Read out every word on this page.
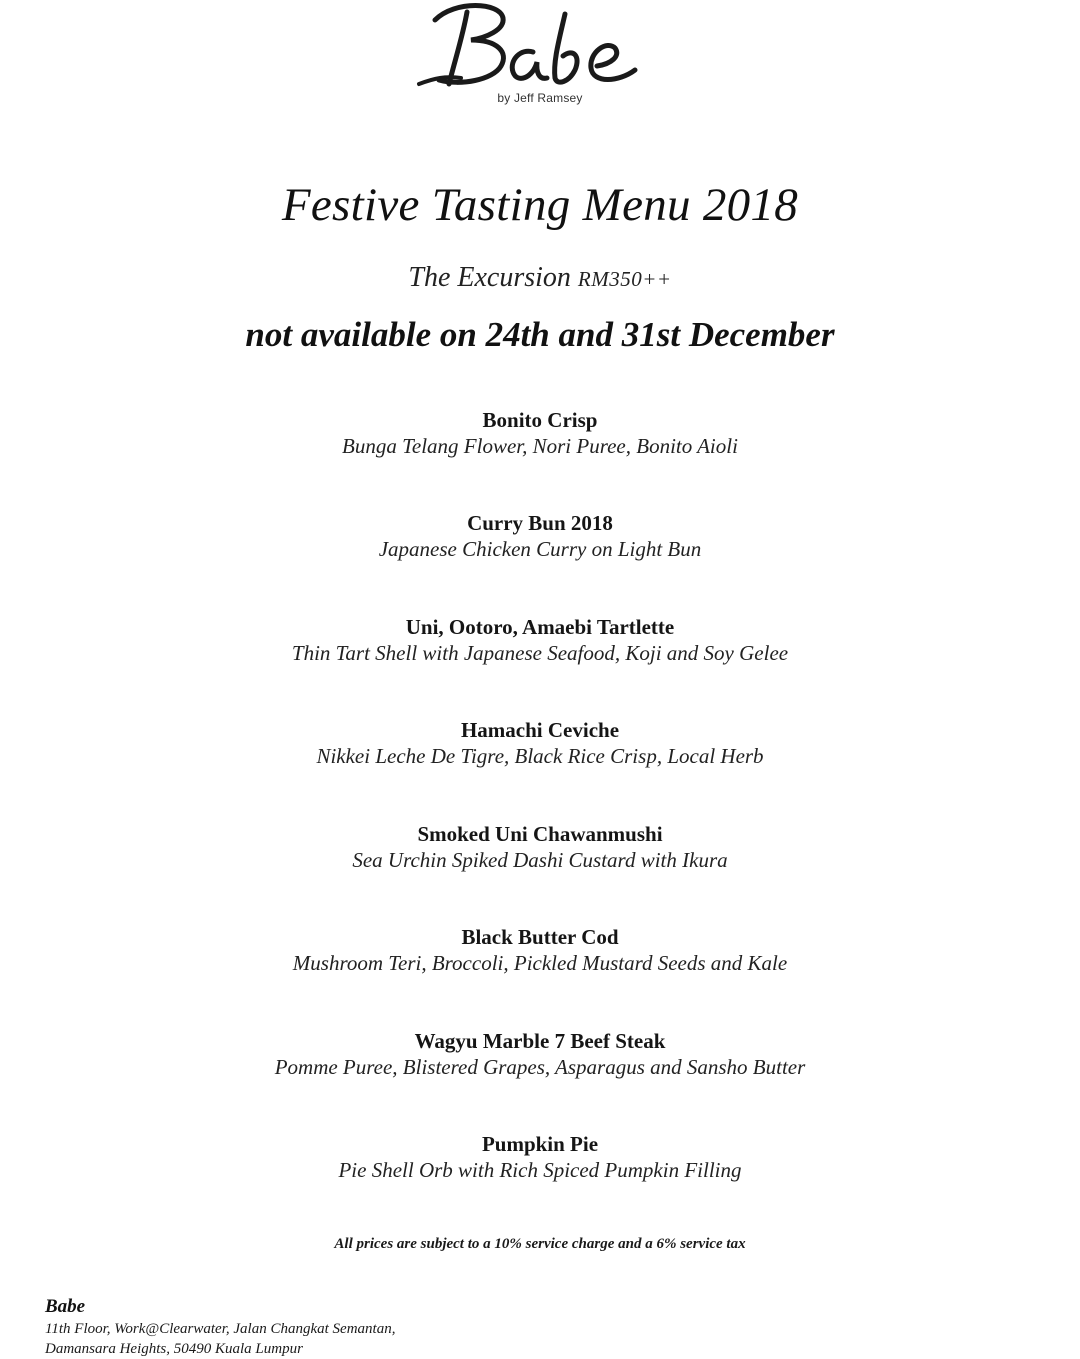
by Jeff Ramsey
Festive Tasting Menu 2018
The Excursion RM350++
not available on 24th and 31st December
Bonito Crisp
Bunga Telang Flower, Nori Puree, Bonito Aioli
Curry Bun 2018
Japanese Chicken Curry on Light Bun
Uni, Ootoro, Amaebi Tartlette
Thin Tart Shell with Japanese Seafood, Koji and Soy Gelee
Hamachi Ceviche
Nikkei Leche De Tigre, Black Rice Crisp, Local Herb
Smoked Uni Chawanmushi
Sea Urchin Spiked Dashi Custard with Ikura
Black Butter Cod
Mushroom Teri, Broccoli, Pickled Mustard Seeds and Kale
Wagyu Marble 7 Beef Steak
Pomme Puree, Blistered Grapes, Asparagus and Sansho Butter
Pumpkin Pie
Pie Shell Orb with Rich Spiced Pumpkin Filling
All prices are subject to a 10% service charge and a 6% service tax
Babe
11th Floor, Work@Clearwater, Jalan Changkat Semantan,
Damansara Heights, 50490 Kuala Lumpur
